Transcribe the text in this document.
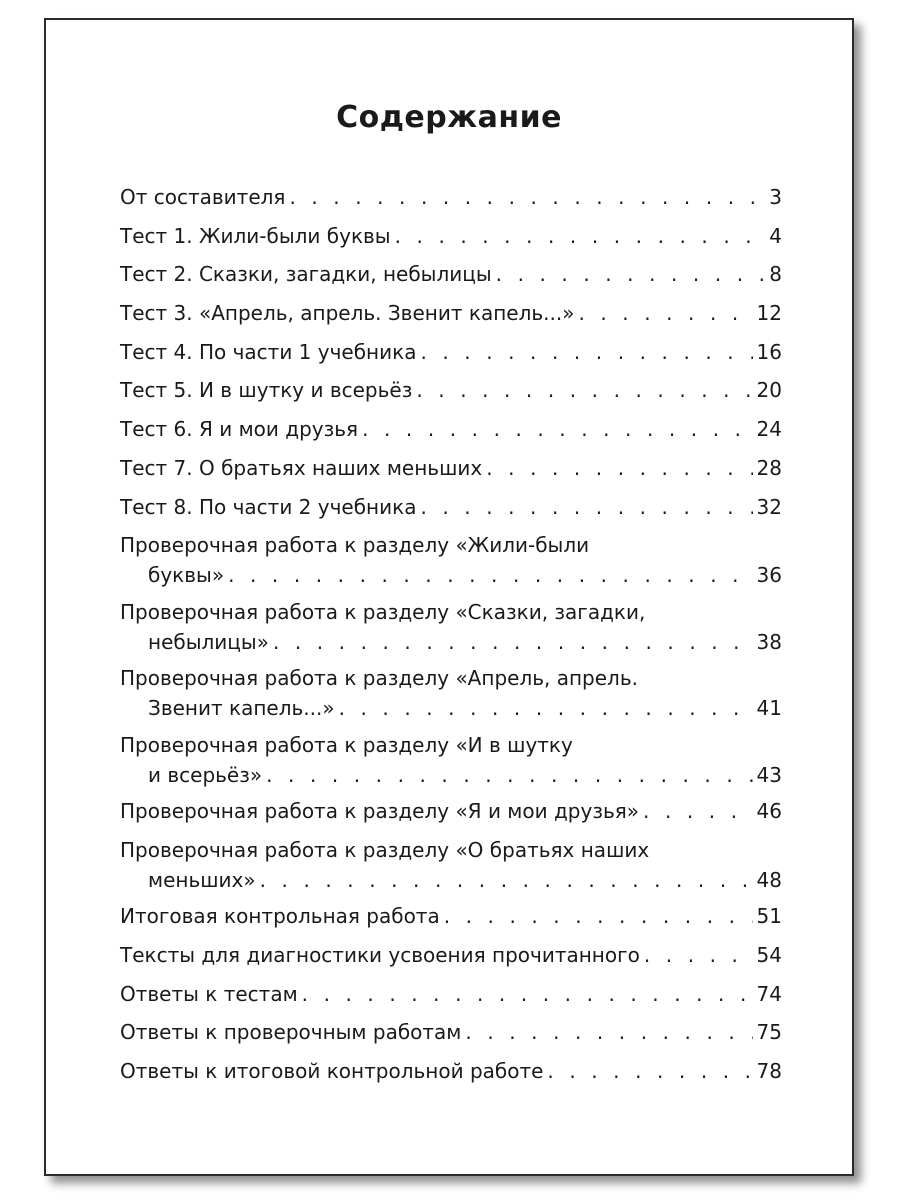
Содержание
От составителя . . .	3
Тест 1. Жили-были буквы . . .	4
Тест 2. Сказки, загадки, небылицы . . .	8
Тест 3. «Апрель, апрель. Звенит капель...» . . .	12
Тест 4. По части 1 учебника . . .	16
Тест 5. И в шутку и всерьёз . . .	20
Тест 6. Я и мои друзья . . .	24
Тест 7. О братьях наших меньших . . .	28
Тест 8. По части 2 учебника . . .	32
Проверочная работа к разделу «Жили-были
буквы» . . .	36
Проверочная работа к разделу «Сказки, загадки,
небылицы» . . .	38
Проверочная работа к разделу «Апрель, апрель.
Звенит капель...» . . .	41
Проверочная работа к разделу «И в шутку
и всерьёз» . . .	43
Проверочная работа к разделу «Я и мои друзья» . . .	46
Проверочная работа к разделу «О братьях наших
меньших» . . .	48
Итоговая контрольная работа . . .	51
Тексты для диагностики усвоения прочитанного . . .	54
Ответы к тестам . . .	74
Ответы к проверочным работам . . .	75
Ответы к итоговой контрольной работе . . .	78
